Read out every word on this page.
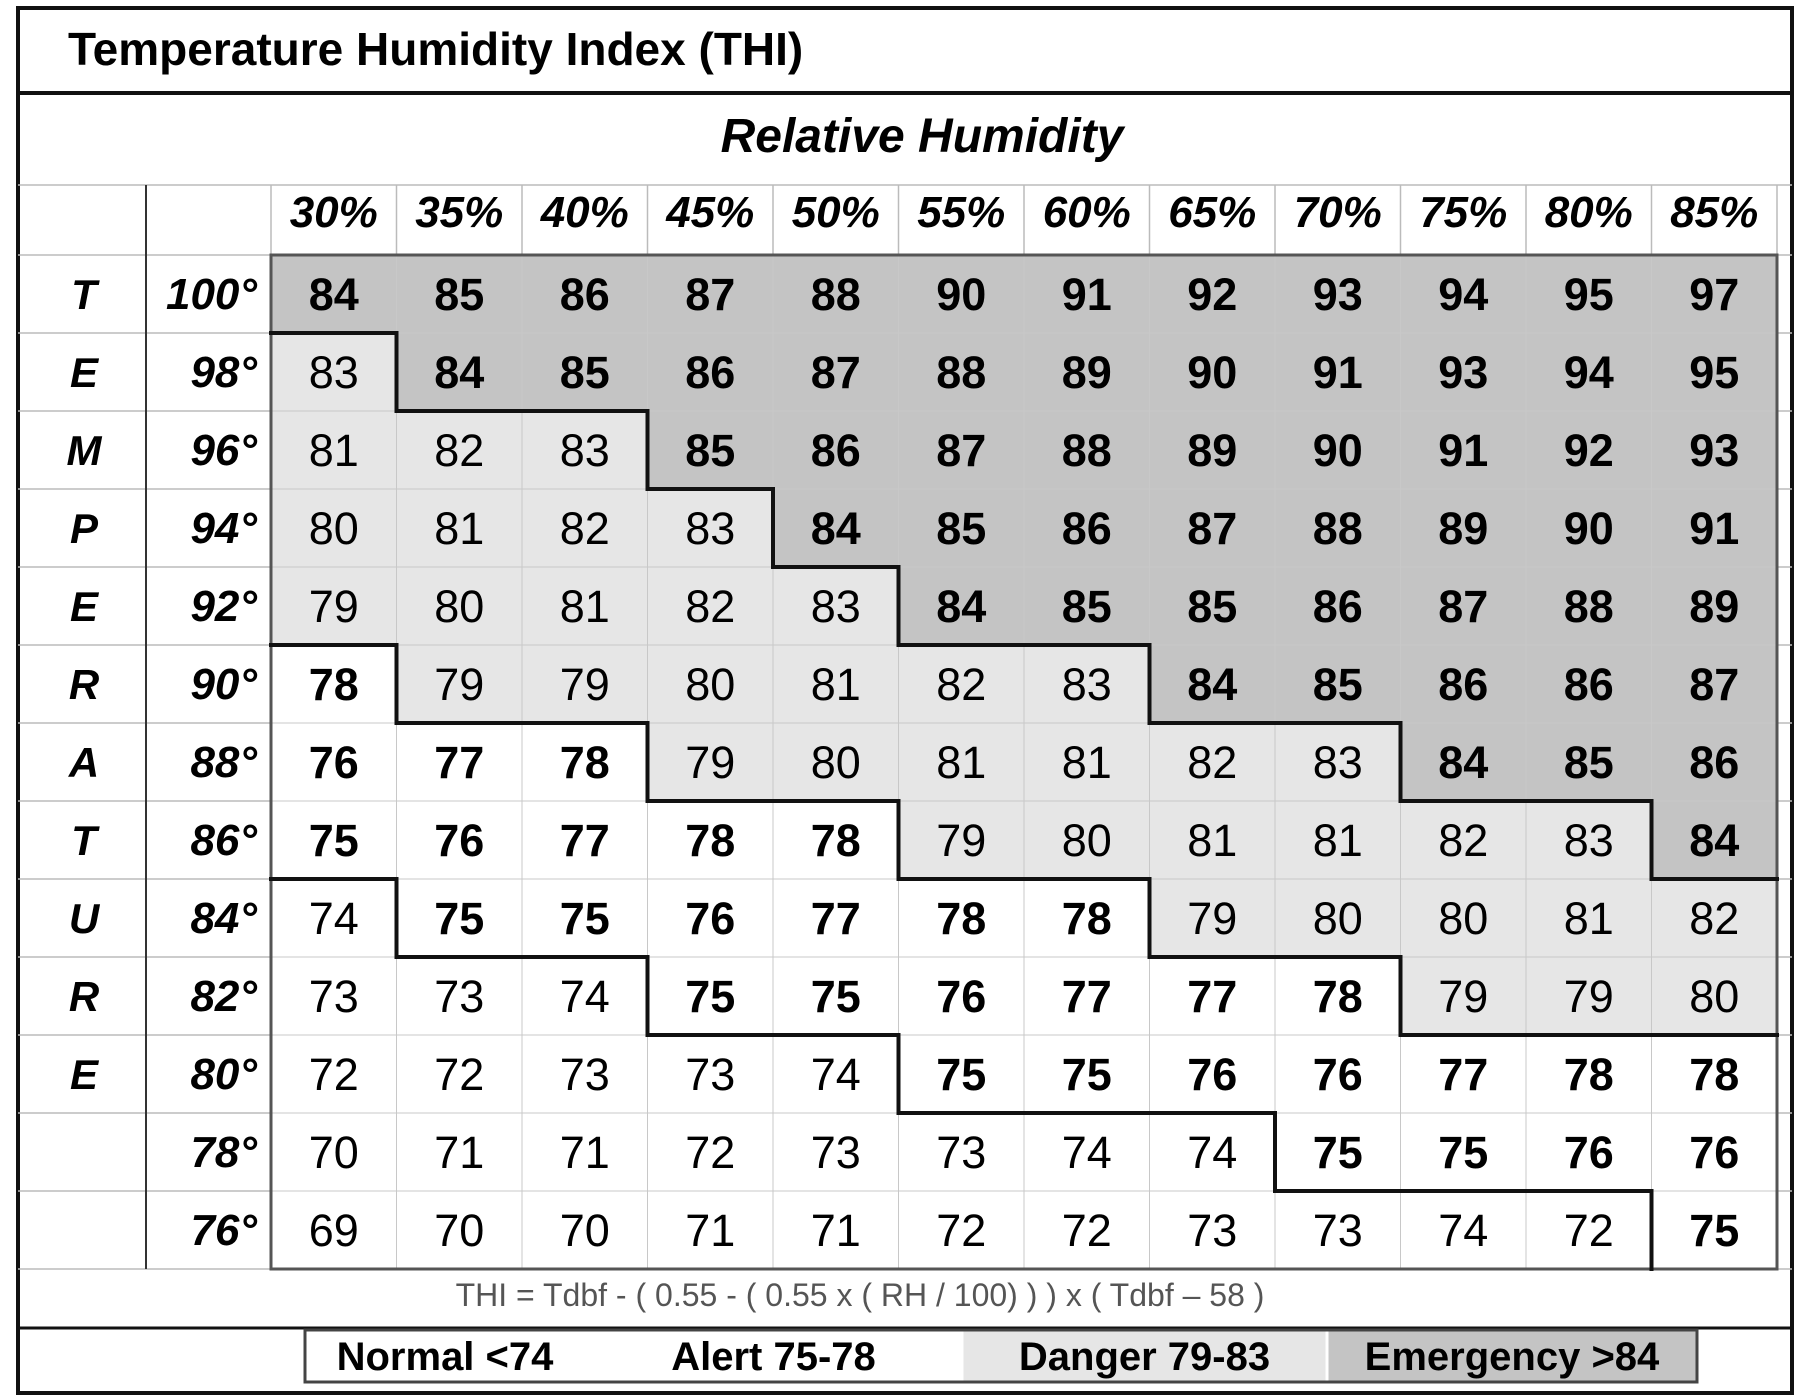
Temperature Humidity Index (THI)
Relative Humidity
84 85 86 87 88 90 91 92 93 94 95 97
83 84 85 86 87 88 89 90 91 93 94 95
81 82 83 85 86 87 88 89 90 91 92 93
80 81 82 83 84 85 86 87 88 89 90 91
79 80 81 82 83 84 85 85 86 87 88 89
78 79 79 80 81 82 83 84 85 86 86 87
76 77 78 79 80 81 81 82 83 84 85 86
75 76 77 78 78 79 80 81 81 82 83 84
74 75 75 76 77 78 78 79 80 80 81 82
73 73 74 75 75 76 77 77 78 79 79 80
72 72 73 73 74 75 75 76 76 77 78 78
70 71 71 72 73 73 74 74 75 75 76 76
69 70 70 71 71 72 72 73 73 74 72 75
30% 35% 40% 45% 50% 55% 60% 65% 70% 75% 80% 85%
100°
98°
96°
94°
92°
90°
88°
86°
84°
82°
80°
78°
76°
T
E
M
P
E
R
A
T
U
R
E
THI = Tdbf - ( 0.55 - ( 0.55 x ( RH / 100) ) ) x ( Tdbf – 58 )
Normal <74	Alert 75-78	Danger 79-83 Emergency >84
